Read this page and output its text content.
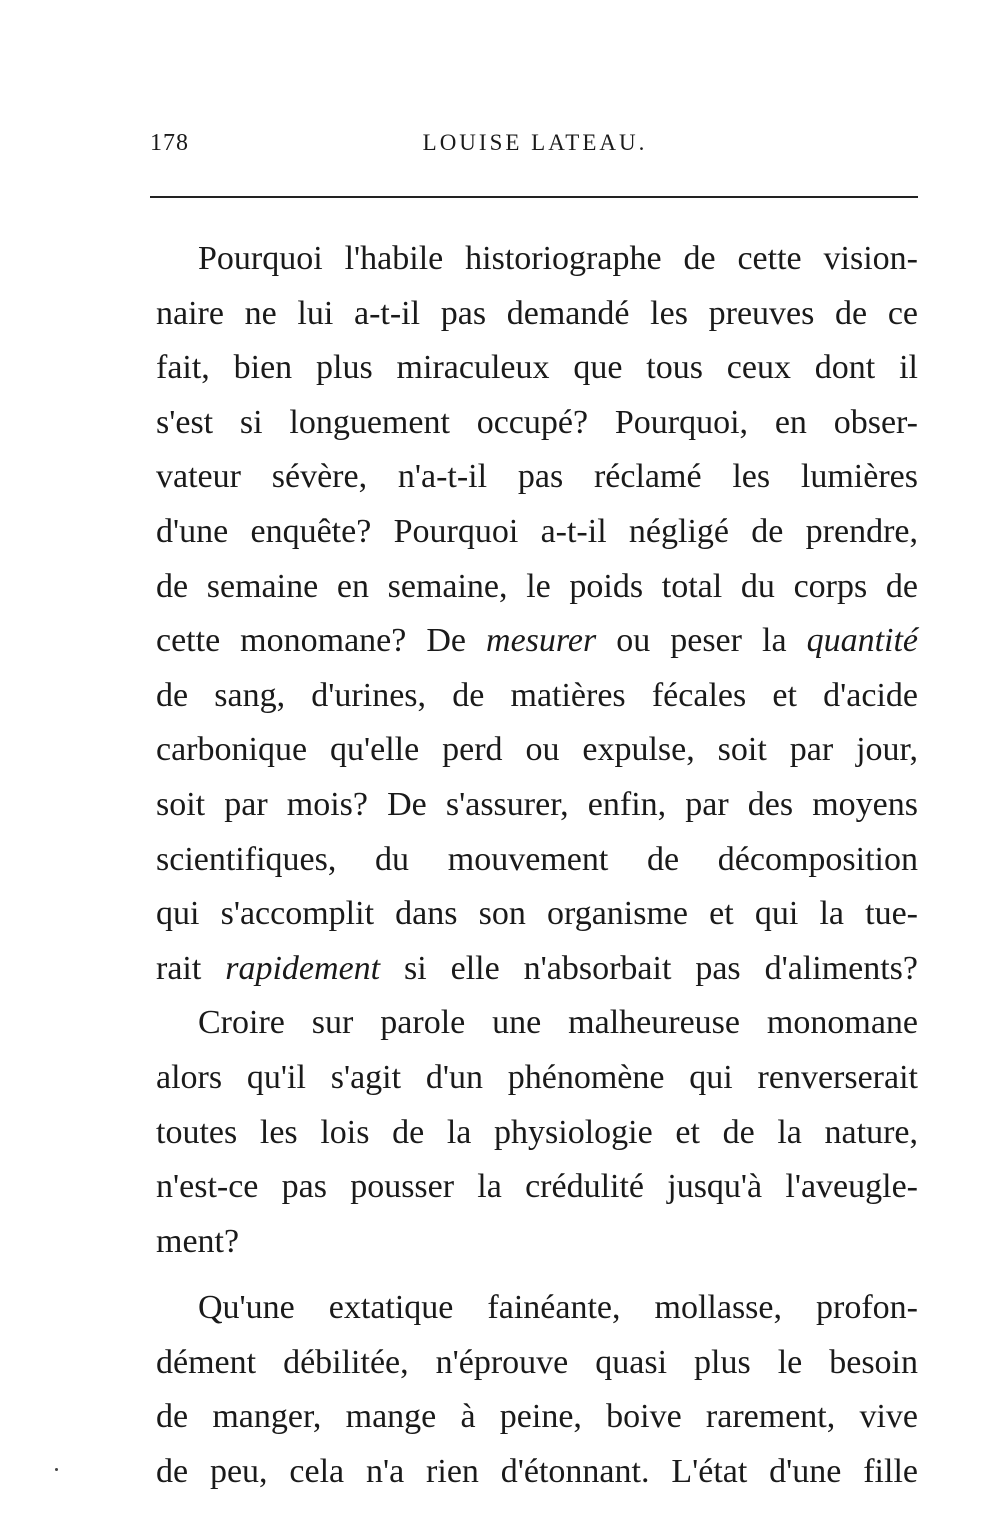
178	LOUISE LATEAU.
Pourquoi l'habile historiographe de cette vision-
naire ne lui a-t-il pas demandé les preuves de ce
fait, bien plus miraculeux que tous ceux dont il
s'est si longuement occupé? Pourquoi, en obser-
vateur sévère, n'a-t-il pas réclamé les lumières
d'une enquête? Pourquoi a-t-il négligé de prendre,
de semaine en semaine, le poids total du corps de
cette monomane? De mesurer ou peser la quantité
de sang, d'urines, de matières fécales et d'acide
carbonique qu'elle perd ou expulse, soit par jour,
soit par mois? De s'assurer, enfin, par des moyens
scientifiques, du mouvement de décomposition
qui s'accomplit dans son organisme et qui la tue-
rait rapidement si elle n'absorbait pas d'aliments?
Croire sur parole une malheureuse monomane
alors qu'il s'agit d'un phénomène qui renverserait
toutes les lois de la physiologie et de la nature,
n'est-ce pas pousser la crédulité jusqu'à l'aveugle-
ment?
Qu'une extatique fainéante, mollasse, profon-
dément débilitée, n'éprouve quasi plus le besoin
de manger, mange à peine, boive rarement, vive
de peu, cela n'a rien d'étonnant. L'état d'une fille
